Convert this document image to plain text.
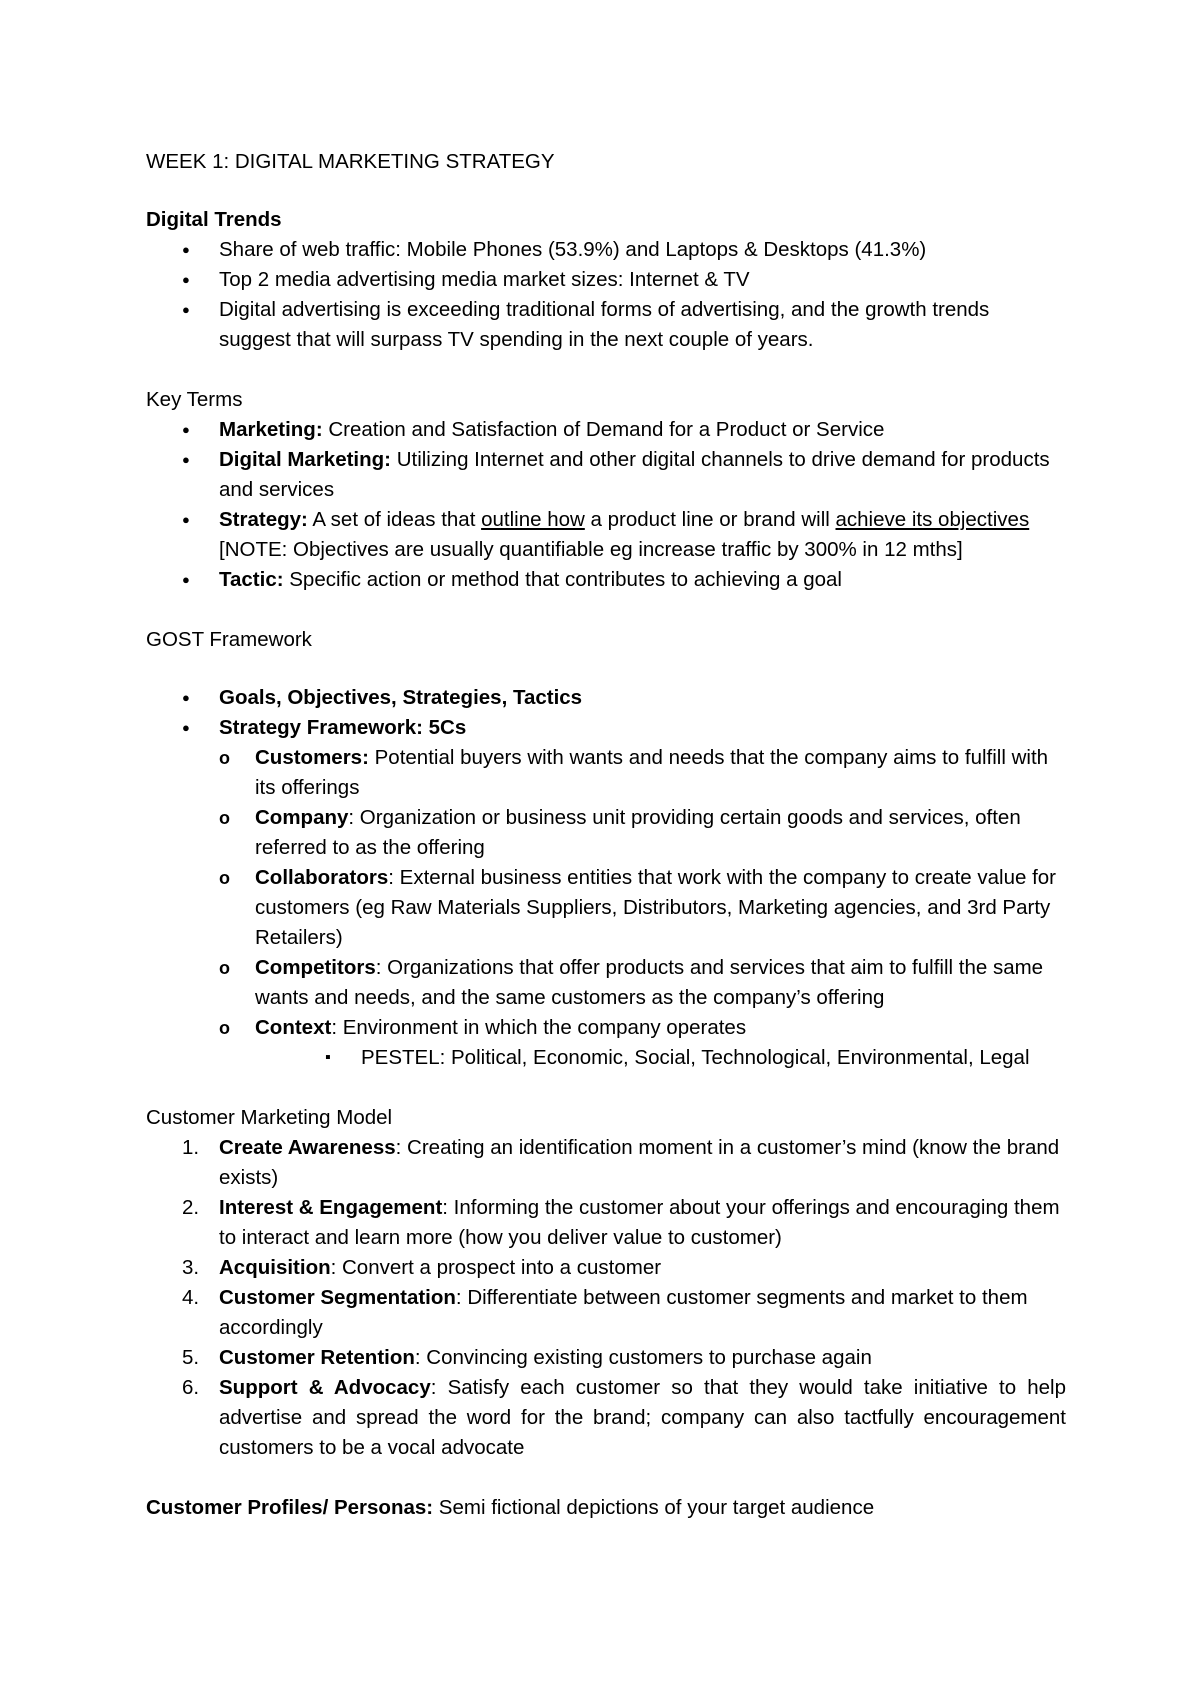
WEEK 1: DIGITAL MARKETING STRATEGY

Digital Trends

● Share of web traffic: Mobile Phones (53.9%) and Laptops & Desktops (41.3%)
● Top 2 media advertising media market sizes: Internet & TV
● Digital advertising is exceeding traditional forms of advertising, and the growth trends suggest that will surpass TV spending in the next couple of years.

Key Terms

● Marketing: Creation and Satisfaction of Demand for a Product or Service
● Digital Marketing: Utilizing Internet and other digital channels to drive demand for products and services
● Strategy: A set of ideas that outline how a product line or brand will achieve its objectives [NOTE: Objectives are usually quantifiable eg increase traffic by 300% in 12 mths]
● Tactic: Specific action or method that contributes to achieving a goal

GOST Framework

● Goals, Objectives, Strategies, Tactics
● Strategy Framework: 5Cs
o Customers: Potential buyers with wants and needs that the company aims to fulfill with its offerings
o Company: Organization or business unit providing certain goods and services, often referred to as the offering
o Collaborators: External business entities that work with the company to create value for customers (eg Raw Materials Suppliers, Distributors, Marketing agencies, and 3rd Party Retailers)
o Competitors: Organizations that offer products and services that aim to fulfill the same wants and needs, and the same customers as the company’s offering
o Context: Environment in which the company operates
▪ PESTEL: Political, Economic, Social, Technological, Environmental, Legal

Customer Marketing Model

1. Create Awareness: Creating an identification moment in a customer’s mind (know the brand exists)
2. Interest & Engagement: Informing the customer about your offerings and encouraging them to interact and learn more (how you deliver value to customer)
3. Acquisition: Convert a prospect into a customer
4. Customer Segmentation: Differentiate between customer segments and market to them accordingly
5. Customer Retention: Convincing existing customers to purchase again
6. Support & Advocacy: Satisfy each customer so that they would take initiative to help advertise and spread the word for the brand; company can also tactfully encouragement customers to be a vocal advocate

Customer Profiles/ Personas: Semi fictional depictions of your target audience
